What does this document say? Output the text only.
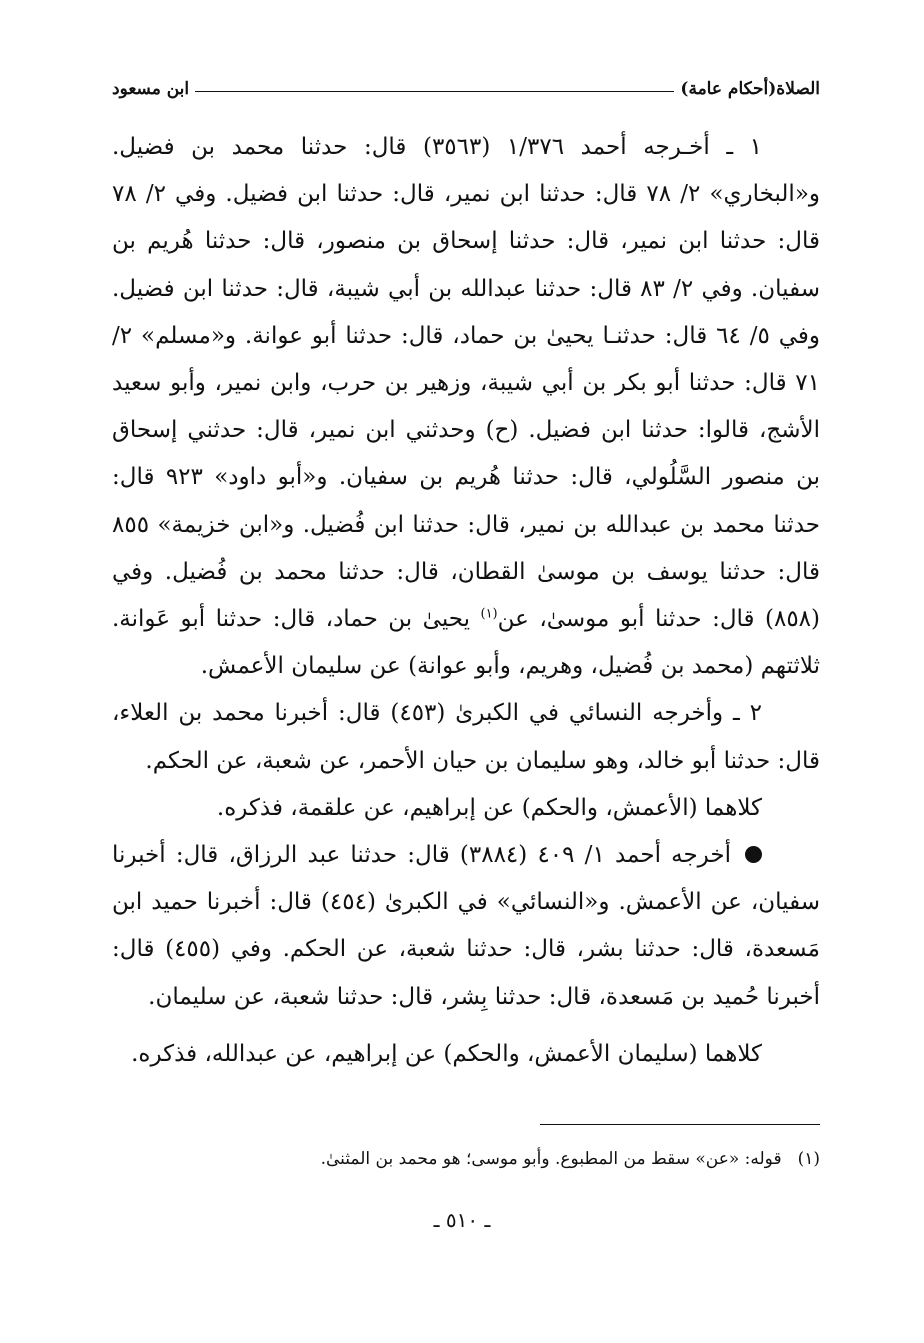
الصلاة(أحكام عامة)
ابن مسعود

١ ـ أخـرجه أحمد ١/٣٧٦ (٣٥٦٣) قال: حدثنا محمد بن فضيل. و«البخاري» ٢/ ٧٨ قال: حدثنا ابن نمير، قال: حدثنا ابن فضيل. وفي ٢/ ٧٨ قال: حدثنا ابن نمير، قال: حدثنا إسحاق بن منصور، قال: حدثنا هُريم بن سفيان. وفي ٢/ ٨٣ قال: حدثنا عبدالله بن أبي شيبة، قال: حدثنا ابن فضيل. وفي ٥/ ٦٤ قال: حدثنـا يحيىٰ بن حماد، قال: حدثنا أبو عوانة. و«مسلم» ٢/ ٧١ قال: حدثنا أبو بكر بن أبي شيبة، وزهير بن حرب، وابن نمير، وأبو سعيد الأشج، قالوا: حدثنا ابن فضيل. (ح) وحدثني ابن نمير، قال: حدثني إسحاق بن منصور السَّلُولي، قال: حدثنا هُريم بن سفيان. و«أبو داود» ٩٢٣ قال: حدثنا محمد بن عبدالله بن نمير، قال: حدثنا ابن فُضيل. و«ابن خزيمة» ٨٥٥ قال: حدثنا يوسف بن موسىٰ القطان، قال: حدثنا محمد بن فُضيل. وفي (٨٥٨) قال: حدثنا أبو موسىٰ، عن$^{(١)}$ يحيىٰ بن حماد، قال: حدثنا أبو عَوانة. ثلاثتهم (محمد بن فُضيل، وهريم، وأبو عوانة) عن سليمان الأعمش.

٢ ـ وأخرجه النسائي في الكبرىٰ (٤٥٣) قال: أخبرنا محمد بن العلاء، قال: حدثنا أبو خالد، وهو سليمان بن حيان الأحمر، عن شعبة، عن الحكم.

كلاهما (الأعمش، والحكم) عن إبراهيم، عن علقمة، فذكره.

أخرجه أحمد ١/ ٤٠٩ (٣٨٨٤) قال: حدثنا عبد الرزاق، قال: أخبرنا سفيان، عن الأعمش. و«النسائي» في الكبرىٰ (٤٥٤) قال: أخبرنا حميد ابن مَسعدة، قال: حدثنا بشر، قال: حدثنا شعبة، عن الحكم. وفي (٤٥٥) قال: أخبرنا حُميد بن مَسعدة، قال: حدثنا بِشر، قال: حدثنا شعبة، عن سليمان.

كلاهما (سليمان الأعمش، والحكم) عن إبراهيم، عن عبدالله، فذكره.

(١)قوله: «عن» سقط من المطبوع. وأبو موسى؛ هو محمد بن المثنىٰ.
ـ ٥١٠ ـ
